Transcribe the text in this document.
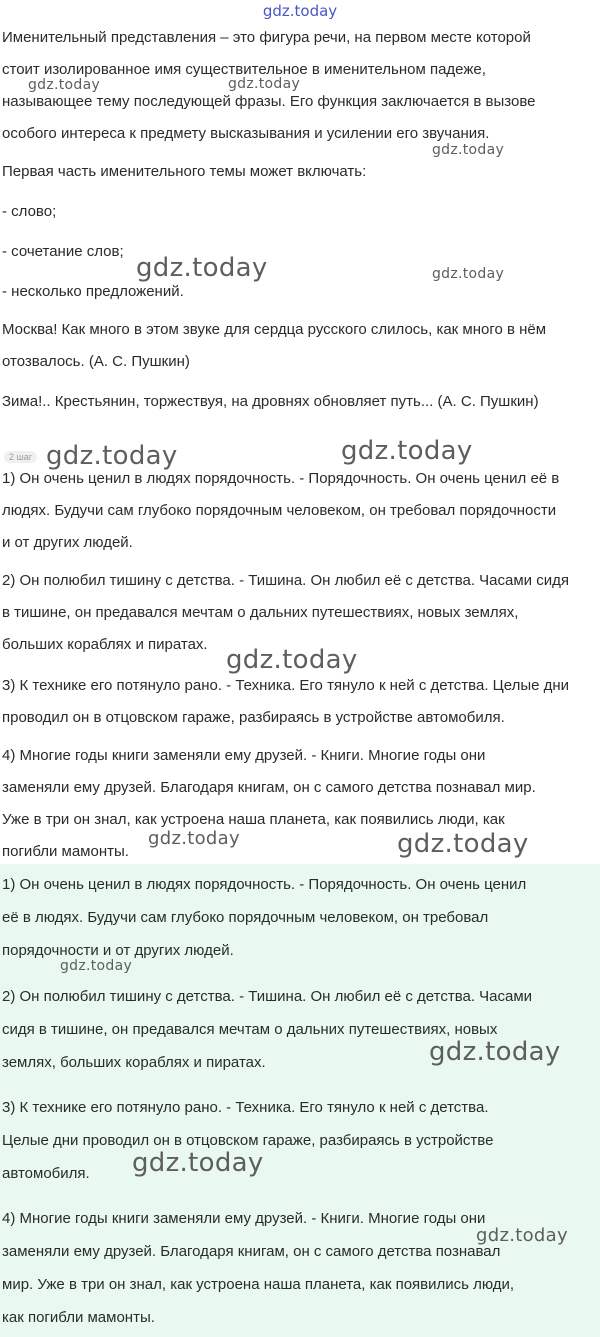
gdz.today

Именительный представления – это фигура речи, на первом месте которой

стоит изолированное имя существительное в именительном падеже,

называющее тему последующей фразы. Его функция заключается в вызове

особого интереса к предмету высказывания и усилении его звучания.

Первая часть именительного темы может включать:

- слово;

- сочетание слов;

- несколько предложений.

Москва! Как много в этом звуке для сердца русского слилось, как много в нём

отозвалось. (А. С. Пушкин)

Зима!.. Крестьянин, торжествуя, на дровнях обновляет путь... (А. С. Пушкин)

2 шаг

1) Он очень ценил в людях порядочность. - Порядочность. Он очень ценил её в

людях. Будучи сам глубоко порядочным человеком, он требовал порядочности

и от других людей.

2) Он полюбил тишину с детства. - Тишина. Он любил её с детства. Часами сидя

в тишине, он предавался мечтам о дальних путешествиях, новых землях,

больших кораблях и пиратах.

3) К технике его потянуло рано. - Техника. Его тянуло к ней с детства. Целые дни

проводил он в отцовском гараже, разбираясь в устройстве автомобиля.

4) Многие годы книги заменяли ему друзей. - Книги. Многие годы они

заменяли ему друзей. Благодаря книгам, он с самого детства познавал мир.

Уже в три он знал, как устроена наша планета, как появились люди, как

погибли мамонты.

1) Он очень ценил в людях порядочность. - Порядочность. Он очень ценил

её в людях. Будучи сам глубоко порядочным человеком, он требовал

порядочности и от других людей.

2) Он полюбил тишину с детства. - Тишина. Он любил её с детства. Часами

сидя в тишине, он предавался мечтам о дальних путешествиях, новых

землях, больших кораблях и пиратах.

3) К технике его потянуло рано. - Техника. Его тянуло к ней с детства.

Целые дни проводил он в отцовском гараже, разбираясь в устройстве

автомобиля.

4) Многие годы книги заменяли ему друзей. - Книги. Многие годы они

заменяли ему друзей. Благодаря книгам, он с самого детства познавал

мир. Уже в три он знал, как устроена наша планета, как появились люди,

как погибли мамонты.

gdz.today	gdz.today
gdz.today
gdz.today	gdz.today
gdz.today	gdz.today
gdz.today
gdz.today	gdz.today
gdz.today
gdz.today
gdz.today
gdz.today
